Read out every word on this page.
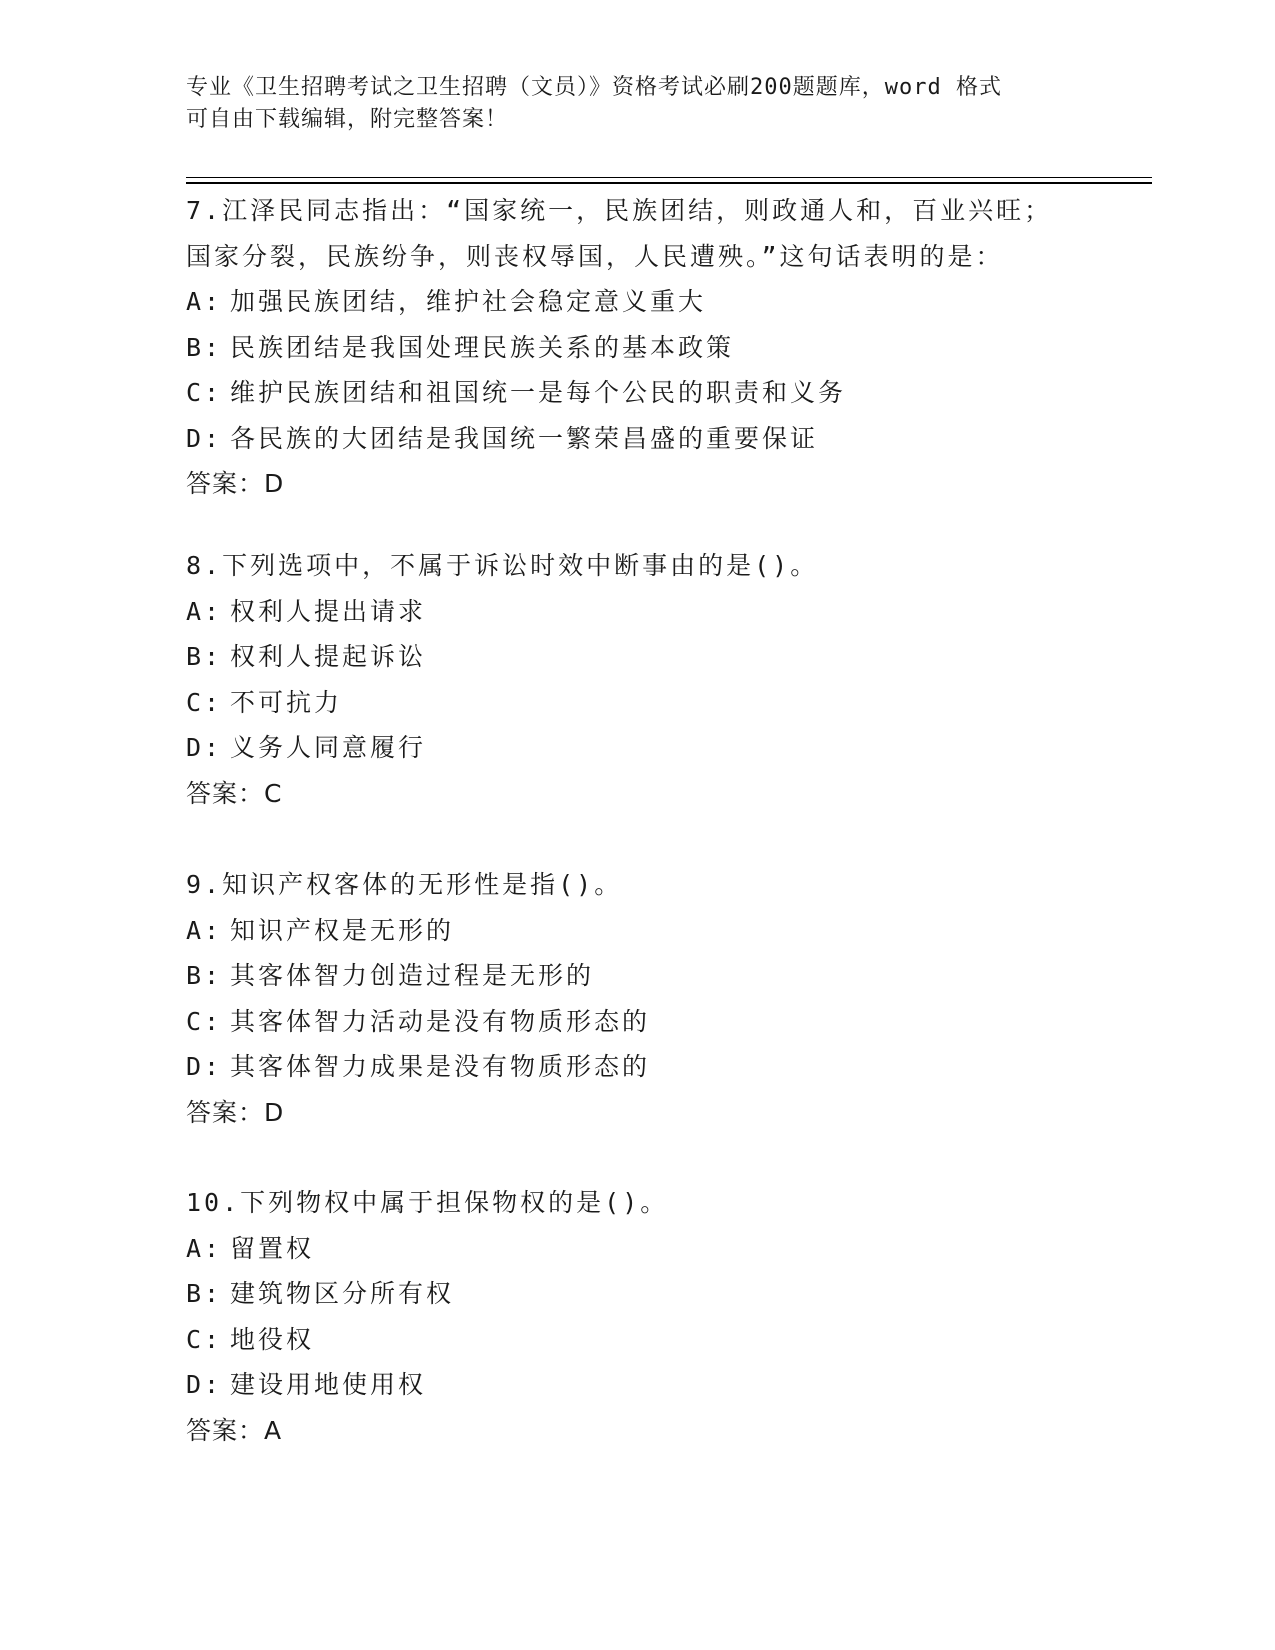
专业《卫生招聘考试之卫生招聘（文员）》资格考试必刷200题题库，word 格式
可自由下载编辑，附完整答案！
7.江泽民同志指出：“国家统一，民族团结，则政通人和，百业兴旺；
国家分裂，民族纷争，则丧权辱国，人民遭殃。”这句话表明的是：
A: 加强民族团结，维护社会稳定意义重大
B: 民族团结是我国处理民族关系的基本政策
C: 维护民族团结和祖国统一是每个公民的职责和义务
D: 各民族的大团结是我国统一繁荣昌盛的重要保证
答案：D
8.下列选项中，不属于诉讼时效中断事由的是()。
A: 权利人提出请求
B: 权利人提起诉讼
C: 不可抗力
D: 义务人同意履行
答案：C
9.知识产权客体的无形性是指()。
A: 知识产权是无形的
B: 其客体智力创造过程是无形的
C: 其客体智力活动是没有物质形态的
D: 其客体智力成果是没有物质形态的
答案：D
10.下列物权中属于担保物权的是()。
A: 留置权
B: 建筑物区分所有权
C: 地役权
D: 建设用地使用权
答案：A
